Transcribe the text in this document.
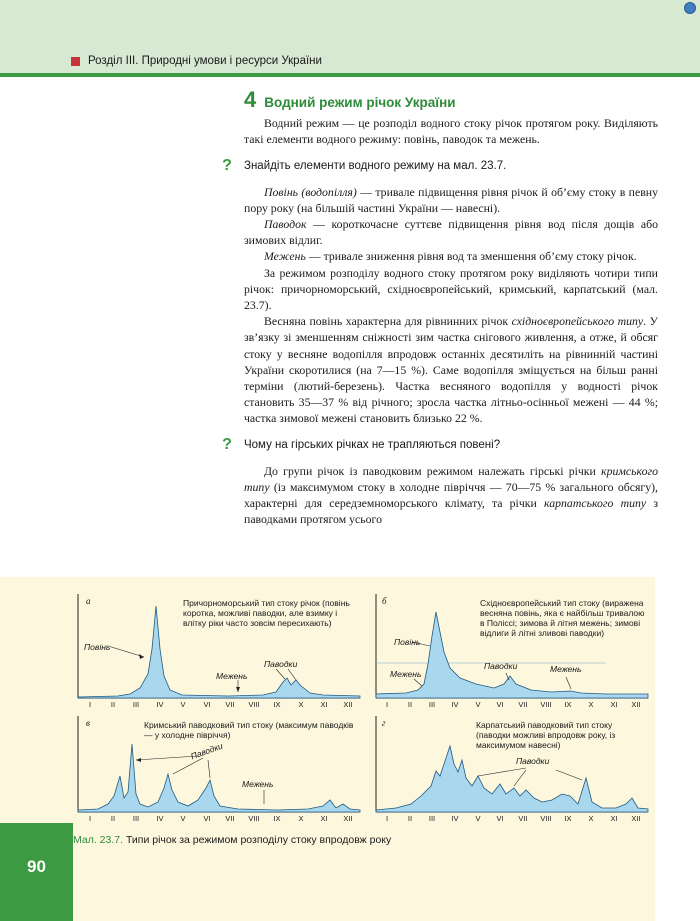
Розділ ІІІ. Природні умови і ресурси України
4 Водний режим річок України

Водний режим — це розподіл водного стоку річок протягом року. Виділяють такі елементи водного режиму: повінь, паводок та межень.

?	Знайдіть елементи водного режиму на мал. 23.7.

Повінь (водопілля) — тривале підвищення рівня річок й об’єму стоку в певну пору року (на більшій частині України — навесні).

Паводок — короткочасне суттєве підвищення рівня вод після дощів або зимових відлиг.

Межень — тривале зниження рівня вод та зменшення об’єму стоку річок.

За режимом розподілу водного стоку протягом року виділяють чотири типи річок: причорноморський, східноєвропейський, кримський, карпатський (мал. 23.7).

Весняна повінь характерна для рівнинних річок східноєвропейського типу. У зв’язку зі зменшенням сніжності зим частка снігового живлення, а отже, й обсяг стоку у весняне водопілля впродовж останніх десятиліть на рівнинній частині України скоротилися (на 7—15 %). Саме водопілля зміщується на більш ранні терміни (лютий-березень). Частка весняного водопілля у водності річок становить 35—37 % від річного; зросла частка літньо-осінньої межені — 44 %; частка зимової межені становить близько 22 %.

?	Чому на гірських річках не трапляються повені?

До групи річок із паводковим режимом належать гірські річки кримського типу (із максимумом стоку в холодне півріччя — 70—75 % загального обсягу), характерні для середземноморського клімату, та річки карпатського типу з паводками протягом усього

а	Причорноморський тип стоку річок (повінь коротка, можливі паводки, але взимку і влітку ріки часто зовсім пересихають)
Повінь
Межень
Паводки
I	II III IV V VI VII VIII IX X XI XII
б	Східноєвропейський тип стоку (виражена весняна повінь, яка є найбільш тривалою в Поліссі; зимова й літня межень; зимові відлиги й літні зливові паводки)
Повінь
Межень
Паводки	Межень
I	II III IV V VI VII VIII IX X XI XII
в	Кримський паводковий тип стоку (максимум паводків — у холодне півріччя)
Паводки
Межень
I	II III IV V VI VII VIII IX X XI XII
г	Карпатський паводковий тип стоку (паводки можливі впродовж року, із максимумом навесні)
Паводки
I	II III IV V VI VII VIII IX X XI XII
Мал. 23.7. Типи річок за режимом розподілу стоку впродовж року
90
